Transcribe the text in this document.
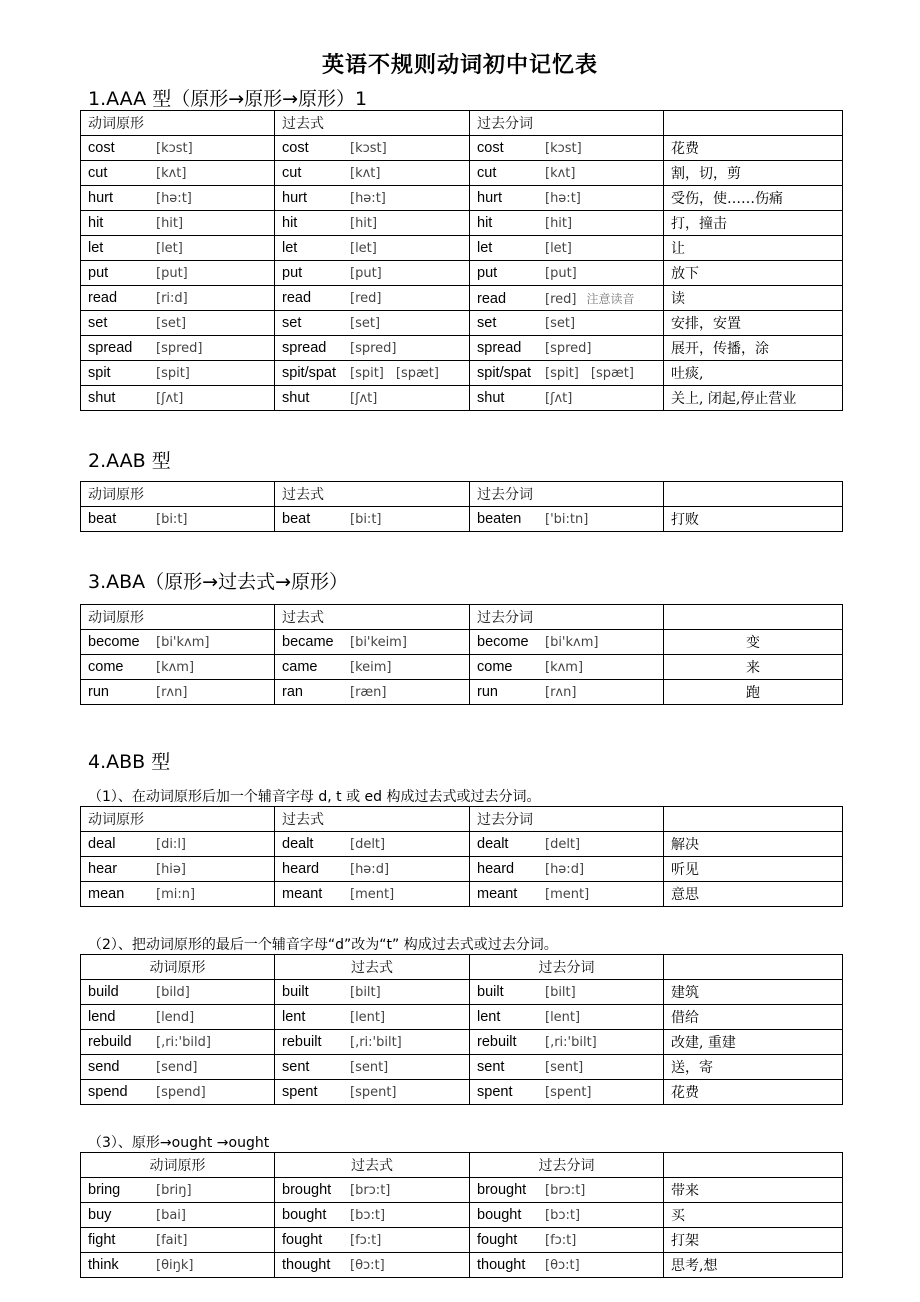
英语不规则动词初中记忆表
1.AAA 型（原形→原形→原形）1
动词原形	过去式	过去分词	
cost [kɔst]	cost [kɔst]	cost [kɔst]	花费
cut [kʌt]	cut [kʌt]	cut [kʌt]	割，切，剪
hurt [hə:t]	hurt [hə:t]	hurt [hə:t]	受伤，使……伤痛
hit [hit]	hit [hit]	hit [hit]	打，撞击
let [let]	let [let]	let [let]	让
put [put]	put [put]	put [put]	放下
read [ri:d]	read [red]	read [red] 注意读音	读
set [set]	set [set]	set [set]	安排，安置
spread [spred]	spread [spred]	spread [spred]	展开，传播，涂
spit [spit]	spit/spat [spit] [spæt]	spit/spat [spit] [spæt]	吐痰,
shut [ʃʌt]	shut [ʃʌt]	shut [ʃʌt]	关上, 闭起,停止营业
2.AAB 型
动词原形	过去式	过去分词	
beat [bi:t]	beat [bi:t]	beaten ['bi:tn]	打败
3.ABA（原形→过去式→原形）
动词原形	过去式	过去分词	
become [bi'kʌm]	became [bi'keim]	become [bi'kʌm]	变
come [kʌm]	came [keim]	come [kʌm]	来
run [rʌn]	ran [ræn]	run [rʌn]	跑
4.ABB 型
（1）、在动词原形后加一个辅音字母 d, t 或 ed 构成过去式或过去分词。
动词原形	过去式	过去分词	
deal [di:l]	dealt [delt]	dealt [delt]	解决
hear [hiə]	heard [hə:d]	heard [hə:d]	听见
mean [mi:n]	meant [ment]	meant [ment]	意思
（2）、把动词原形的最后一个辅音字母“d”改为“t” 构成过去式或过去分词。
动词原形	过去式	过去分词	
build [bild]	built [bilt]	built [bilt]	建筑
lend [lend]	lent [lent]	lent [lent]	借给
rebuild [,ri:'bild]	rebuilt [,ri:'bilt]	rebuilt [,ri:'bilt]	改建, 重建
send [send]	sent [sent]	sent [sent]	送，寄
spend [spend]	spent [spent]	spent [spent]	花费
（3）、原形→ought →ought
动词原形	过去式	过去分词	
bring [briŋ]	brought [brɔ:t]	brought [brɔ:t]	带来
buy [bai]	bought [bɔ:t]	bought [bɔ:t]	买
fight [fait]	fought [fɔ:t]	fought [fɔ:t]	打架
think [θiŋk]	thought [θɔ:t]	thought [θɔ:t]	思考,想
